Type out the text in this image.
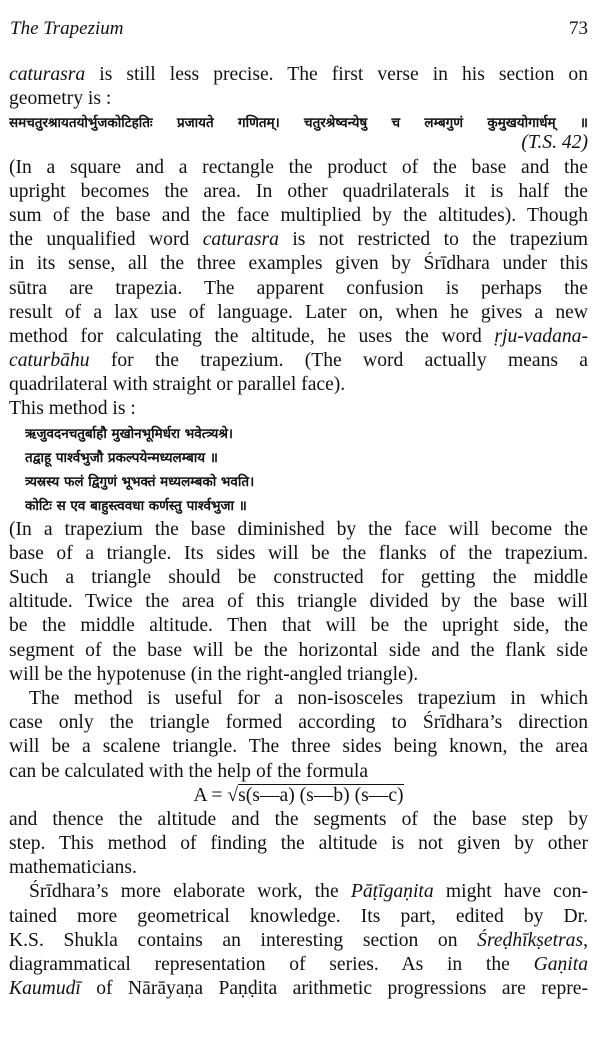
The Trapezium	73
caturasra is still less precise. The first verse in his section on
geometry is :
समचतुरश्रायतयोर्भुजकोटिहतिः प्रजायते गणितम्। चतुरश्रेष्वन्येषु च लम्बगुणं कुमुखयोगार्धम् ॥
(T.S. 42)
(In a square and a rectangle the product of the base and the
upright becomes the area. In other quadrilaterals it is half the
sum of the base and the face multiplied by the altitudes). Though
the unqualified word caturasra is not restricted to the trapezium
in its sense, all the three examples given by Śrīdhara under this
sūtra are trapezia. The apparent confusion is perhaps the
result of a lax use of language. Later on, when he gives a new
method for calculating the altitude, he uses the word ṛju-vadana-
caturbāhu for the trapezium. (The word actually means a
quadrilateral with straight or parallel face).
This method is :
ऋजुवदनचतुर्बाहौ मुखोनभूमिर्धरा भवेत्त्र्यश्रे।
तद्वाहू पार्श्वभुजौ प्रकल्पयेन्मध्यलम्बाय ॥
त्र्यस्रस्य फलं द्विगुणं भूभक्तं मध्यलम्बको भवति।
कोटिः स एव बाहुस्त्ववधा कर्णस्तु पार्श्वभुजा ॥
(In a trapezium the base diminished by the face will become the
base of a triangle. Its sides will be the flanks of the trapezium.
Such a triangle should be constructed for getting the middle
altitude. Twice the area of this triangle divided by the base will
be the middle altitude. Then that will be the upright side, the
segment of the base will be the horizontal side and the flank side
will be the hypotenuse (in the right-angled triangle).
The method is useful for a non-isosceles trapezium in which
case only the triangle formed according to Śrīdhara’s direction
will be a scalene triangle. The three sides being known, the area
can be calculated with the help of the formula
A = √s(s—a) (s—b) (s—c)
and thence the altitude and the segments of the base step by
step. This method of finding the altitude is not given by other
mathematicians.
Śrīdhara’s more elaborate work, the Pāṭīgaṇita might have con-
tained more geometrical knowledge. Its part, edited by Dr.
K.S. Shukla contains an interesting section on Śreḍhīkṣetras,
diagrammatical representation of series. As in the Gaṇita
Kaumudī of Nārāyaṇa Paṇḍita arithmetic progressions are repre-
